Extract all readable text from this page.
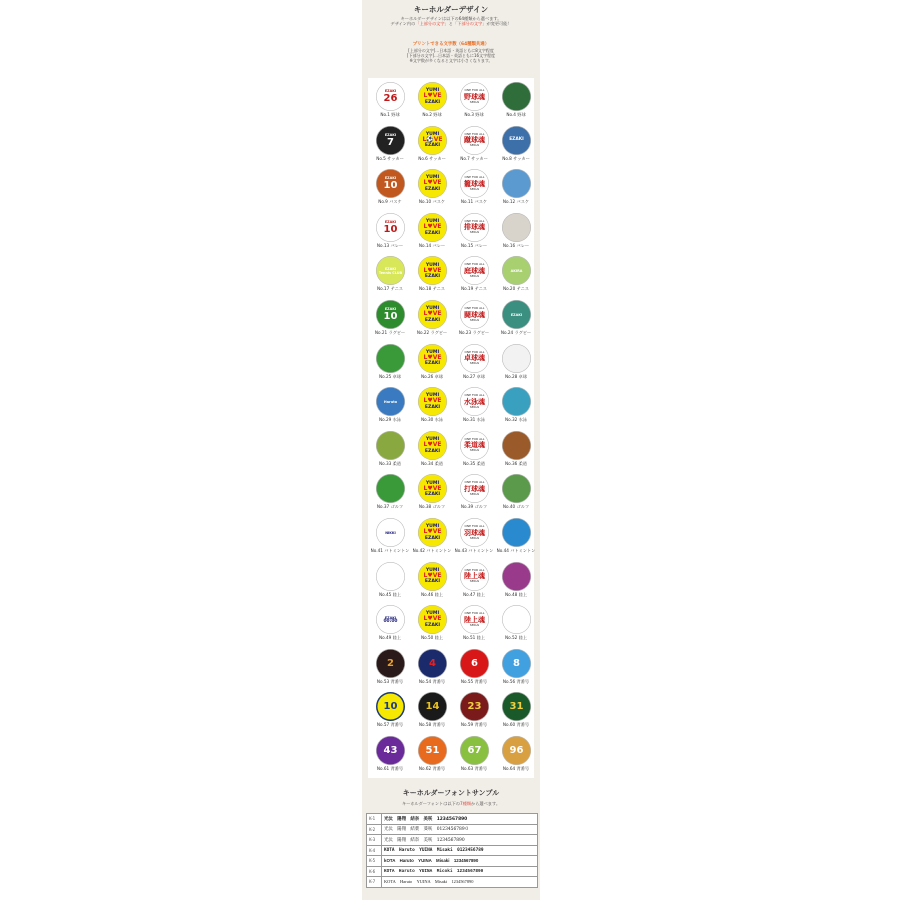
キーホルダーデザイン
キーホルダーデザインは以下の64種類から選べます。
デザイン内の「上部分の文字」と「下部分の文字」が変更可能！
プリントできる文字数（64種類共通）
[上部分の文字]…日本語・英語ともに8文字程度
[下部分の文字]…日本語・英語ともに16文字程度
※文字数が多くなると文字は小さくなります。
EZAKI
26
No.1 野球
YUMI
L♥VE
EZAKI
No.2 野球
ONE FOR ALL
野球魂
SEIKAI
No.3 野球	No.4 野球
EZAKI
7
No.5 サッカー
YUMI
L⚽VE
EZAKI
No.6 サッカー
ONE FOR ALL
蹴球魂
SEIKAI
No.7 サッカー
EZAKI
No.8 サッカー
EZAKI
10
No.9 バスケ
YUMI
L♥VE
EZAKI
No.10 バスケ
ONE FOR ALL
籠球魂
SEIKAI
No.11 バスケ	No.12 バスケ
EZAKI
10
No.13 バレー
YUMI
L♥VE
EZAKI
No.14 バレー
ONE FOR ALL
排球魂
SEIKAI
No.15 バレー	No.16 バレー
EZAKI
Tennis CLUB
No.17 テニス
YUMI
L♥VE
EZAKI
No.18 テニス
ONE FOR ALL
庭球魂
SEIKAI
No.19 テニス
AKIRA
No.20 テニス
EZAKI
10
No.21 ラグビー
YUMI
L♥VE
EZAKI
No.22 ラグビー
ONE FOR ALL
闘球魂
SEIKAI
No.23 ラグビー
EZAKI
No.24 ラグビー
No.25 卓球
YUMI
L♥VE
EZAKI
No.26 卓球
ONE FOR ALL
卓球魂
SEIKAI
No.27 卓球	No.28 卓球
Haruto
No.29 水泳
YUMI
L♥VE
EZAKI
No.30 水泳
ONE FOR ALL
水泳魂
SEIKAI
No.31 水泳	No.32 水泳
No.33 柔道
YUMI
L♥VE
EZAKI
No.34 柔道
ONE FOR ALL
柔道魂
SEIKAI
No.35 柔道	No.36 柔道
No.37 ゴルフ
YUMI
L♥VE
EZAKI
No.38 ゴルフ
ONE FOR ALL
打球魂
SEIKAI
No.39 ゴルフ	No.40 ゴルフ
NIKKI
No.41 バトミントン
YUMI
L♥VE
EZAKI
No.42 バトミントン
ONE FOR ALL
羽球魂
SEIKAI
No.43 バトミントン No.44 バトミントン
No.45 陸上
YUMI
L♥VE
EZAKI
No.46 陸上
ONE FOR ALL
陸上魂
SEIKAI
No.47 陸上	No.48 陸上
EZAKI
00:00
No.49 陸上
YUMI
L♥VE
EZAKI
No.50 陸上
ONE FOR ALL
陸上魂
SEIKAI
No.51 陸上	No.52 陸上
2
No.53 背番号
4
No.54 背番号
6
No.55 背番号
8
No.56 背番号
10
No.57 背番号
14
No.58 背番号
23
No.59 背番号
31
No.60 背番号
43
No.61 背番号
51
No.62 背番号
67
No.63 背番号
96
No.64 背番号
キーホルダーフォントサンプル
キーホルダーフォントは以下の7種類から選べます。
K-1	光汰　陽翔　結奈　美咲　1234567890
K-2	光汰　陽翔　結菜　葵咲　0123456789０
K-3	光汰　陽翔　結奈　美咲　1234567890
K-4	KOTA　Haruto　YUINA　Misaki　0123456789
K-5	kOTA　Haruto　YUINA　Misaki　1234567890
K-6	KOTA　Haruto　YUINA　Micoki　1234567890
K-7	KOTA　Haruto　YUINA　Misaki　1234567890
